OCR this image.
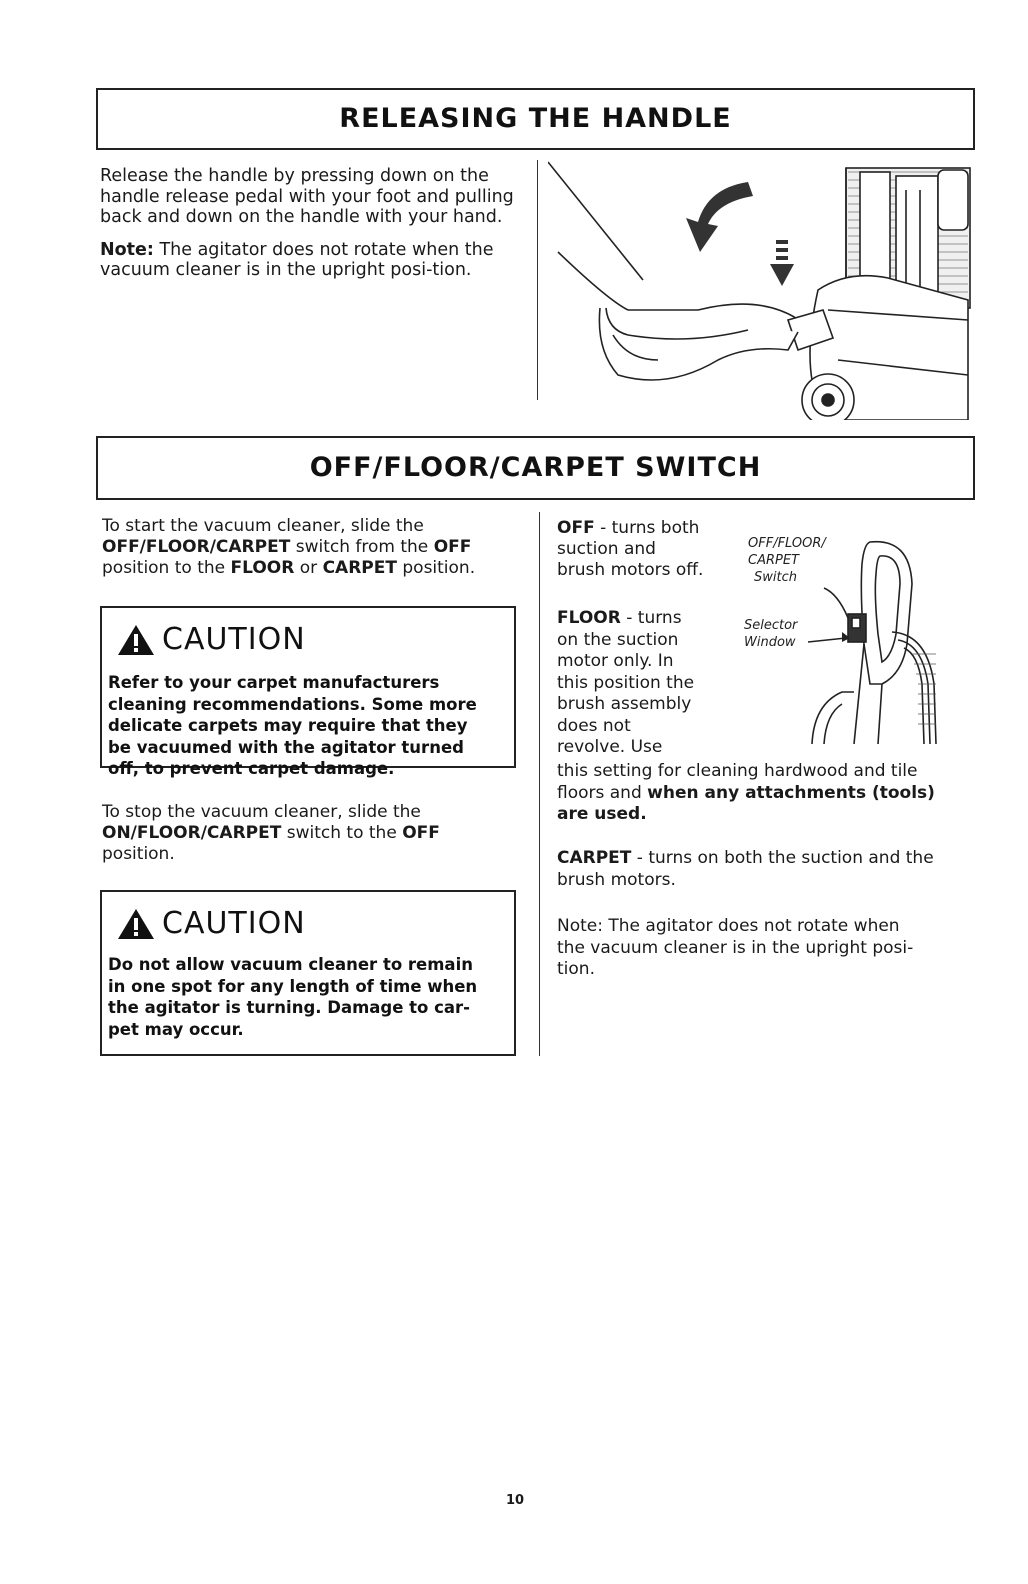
RELEASING THE HANDLE

Release the handle by pressing down on the handle release pedal with your foot and pulling back and down on the handle with your hand.

Note: The agitator does not rotate when the vacuum cleaner is in the upright posi-tion.

OFF/FLOOR/CARPET SWITCH
To start the vacuum cleaner, slide the
OFF/FLOOR/CARPET switch from the OFF
position to the FLOOR or CARPET position.
CAUTION
Refer to your carpet manufacturers
cleaning recommendations. Some more
delicate carpets may require that they
be vacuumed with the agitator turned
off, to prevent carpet damage.
To stop the vacuum cleaner, slide the
ON/FLOOR/CARPET switch to the OFF
position.
CAUTION
Do not allow vacuum cleaner to remain
in one spot for any length of time when
the agitator is turning. Damage to car-
pet may occur.
OFF - turns both
suction and
brush motors off.
FLOOR - turns
on the suction
motor only. In
this position the
brush assembly
does not
revolve. Use
this setting for cleaning hardwood and tile
floors and when any attachments (tools)
are used.
CARPET - turns on both the suction and the
brush motors.
Note: The agitator does not rotate when
the vacuum cleaner is in the upright posi-
tion.
OFF/FLOOR/
CARPET
Switch
Selector
Window
10
